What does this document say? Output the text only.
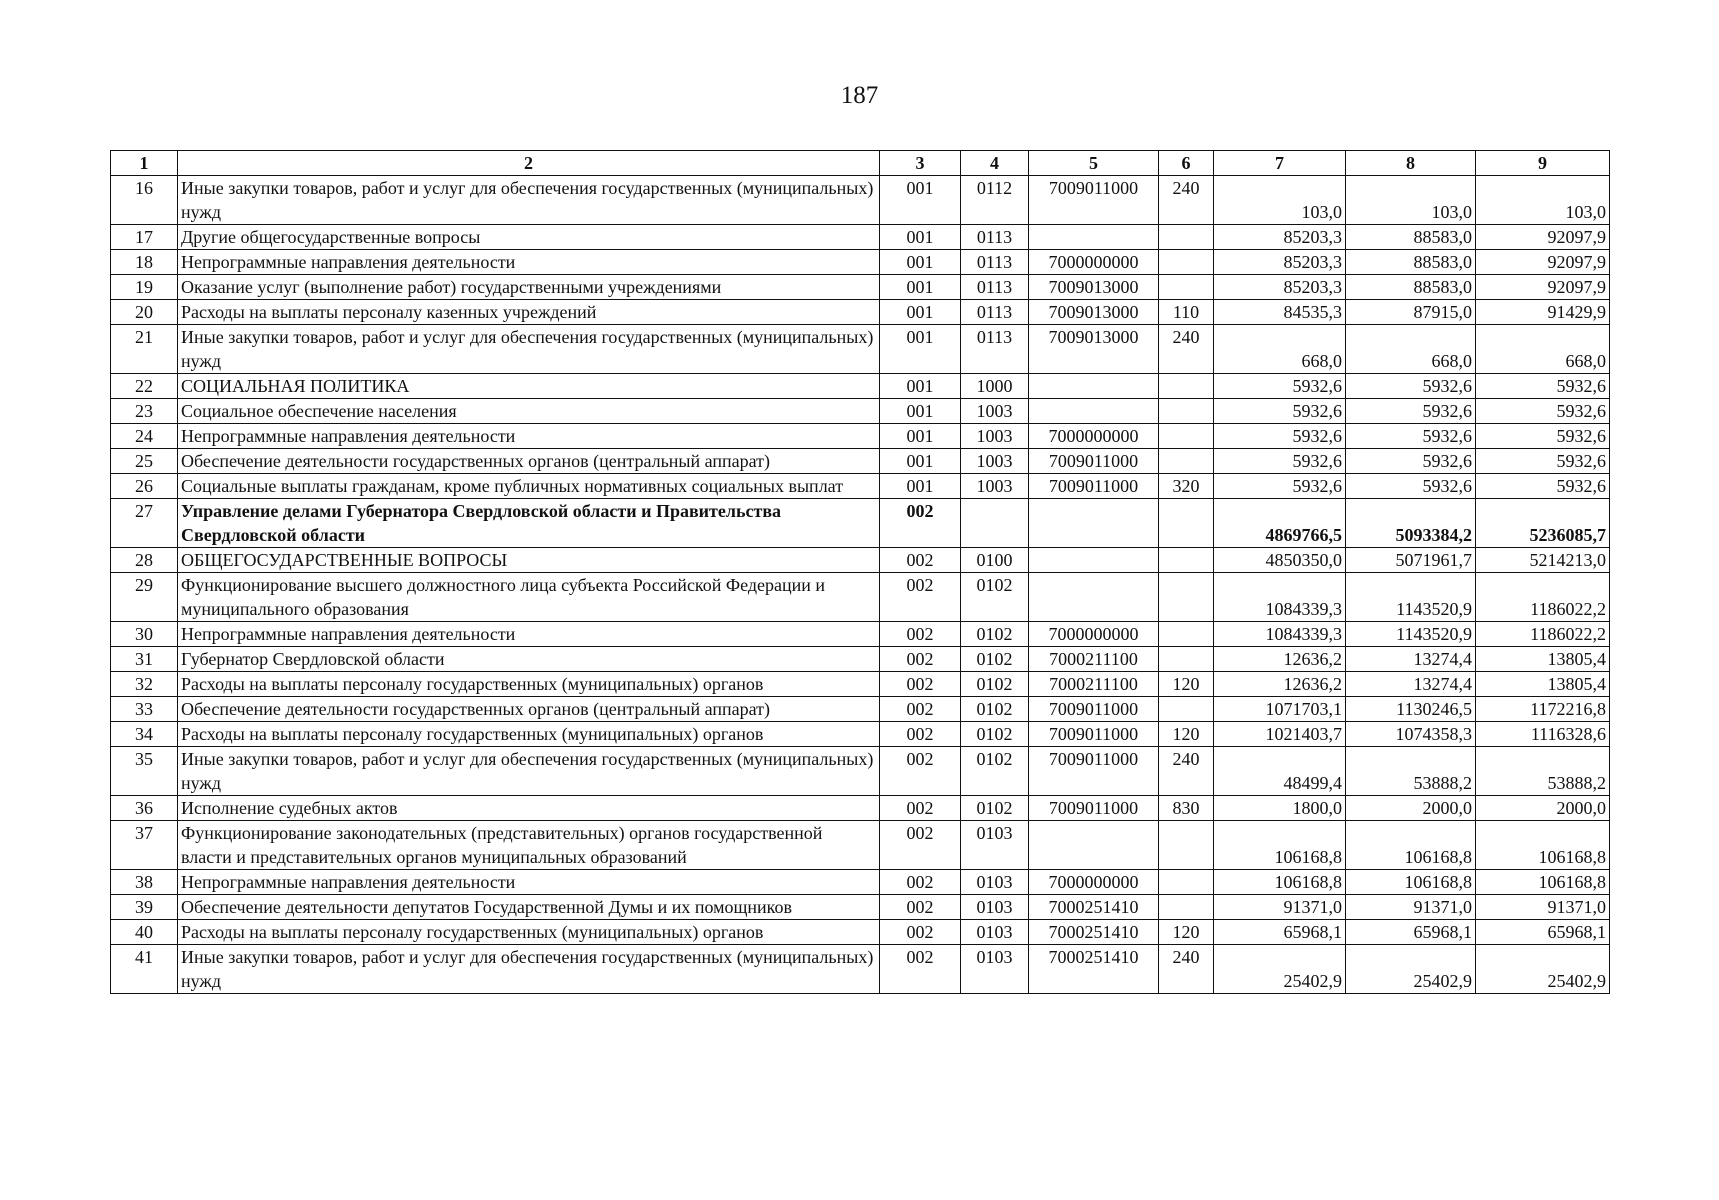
187
1	2	3	4	5	6	7	8	9
16	Иные закупки товаров, работ и услуг для обеспечения государственных (муниципальных) нужд	001	0112	7009011000	240	103,0	103,0	103,0
17	Другие общегосударственные вопросы	001	0113			85203,3	88583,0	92097,9
18	Непрограммные направления деятельности	001	0113	7000000000		85203,3	88583,0	92097,9
19	Оказание услуг (выполнение работ) государственными учреждениями	001	0113	7009013000		85203,3	88583,0	92097,9
20	Расходы на выплаты персоналу казенных учреждений	001	0113	7009013000	110	84535,3	87915,0	91429,9
21	Иные закупки товаров, работ и услуг для обеспечения государственных (муниципальных) нужд	001	0113	7009013000	240	668,0	668,0	668,0
22	СОЦИАЛЬНАЯ ПОЛИТИКА	001	1000			5932,6	5932,6	5932,6
23	Социальное обеспечение населения	001	1003			5932,6	5932,6	5932,6
24	Непрограммные направления деятельности	001	1003	7000000000		5932,6	5932,6	5932,6
25	Обеспечение деятельности государственных органов (центральный аппарат)	001	1003	7009011000		5932,6	5932,6	5932,6
26	Социальные выплаты гражданам, кроме публичных нормативных социальных выплат	001	1003	7009011000	320	5932,6	5932,6	5932,6
27	Управление делами Губернатора Свердловской области и Правительства Свердловской области	002				4869766,5	5093384,2	5236085,7
28	ОБЩЕГОСУДАРСТВЕННЫЕ ВОПРОСЫ	002	0100			4850350,0	5071961,7	5214213,0
29	Функционирование высшего должностного лица субъекта Российской Федерации и муниципального образования	002	0102			1084339,3	1143520,9	1186022,2
30	Непрограммные направления деятельности	002	0102	7000000000		1084339,3	1143520,9	1186022,2
31	Губернатор Свердловской области	002	0102	7000211100		12636,2	13274,4	13805,4
32	Расходы на выплаты персоналу государственных (муниципальных) органов	002	0102	7000211100	120	12636,2	13274,4	13805,4
33	Обеспечение деятельности государственных органов (центральный аппарат)	002	0102	7009011000		1071703,1	1130246,5	1172216,8
34	Расходы на выплаты персоналу государственных (муниципальных) органов	002	0102	7009011000	120	1021403,7	1074358,3	1116328,6
35	Иные закупки товаров, работ и услуг для обеспечения государственных (муниципальных) нужд	002	0102	7009011000	240	48499,4	53888,2	53888,2
36	Исполнение судебных актов	002	0102	7009011000	830	1800,0	2000,0	2000,0
37	Функционирование законодательных (представительных) органов государственной власти и представительных органов муниципальных образований	002	0103			106168,8	106168,8	106168,8
38	Непрограммные направления деятельности	002	0103	7000000000		106168,8	106168,8	106168,8
39	Обеспечение деятельности депутатов Государственной Думы и их помощников	002	0103	7000251410		91371,0	91371,0	91371,0
40	Расходы на выплаты персоналу государственных (муниципальных) органов	002	0103	7000251410	120	65968,1	65968,1	65968,1
41	Иные закупки товаров, работ и услуг для обеспечения государственных (муниципальных) нужд	002	0103	7000251410	240	25402,9	25402,9	25402,9
